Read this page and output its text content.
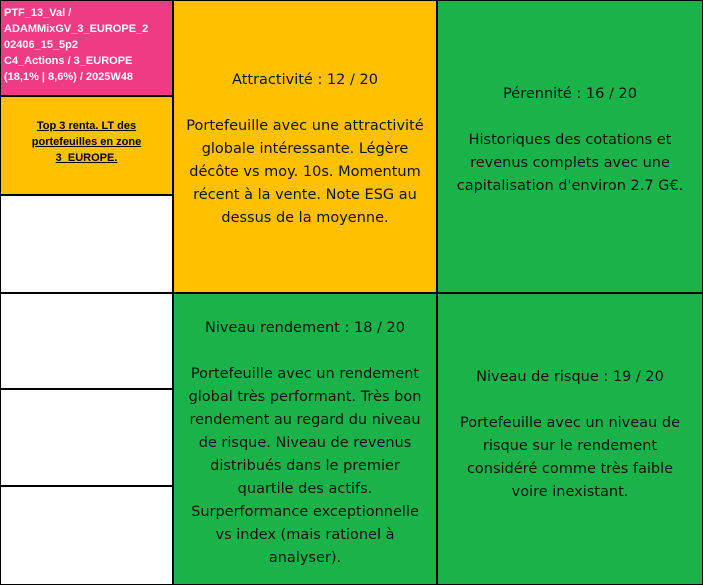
PTF_13_Val /
ADAMMixGV_3_EUROPE_2
02406_15_5p2
C4_Actions / 3_EUROPE
(18,1% | 8,6%) / 2025W48

Top 3 renta. LT des
portefeuilles en zone
3_EUROPE.

Attractivité : 12 / 20

Portefeuille avec une attractivité
globale intéressante. Légère
décôte vs moy. 10s. Momentum
récent à la vente. Note ESG au
dessus de la moyenne.

Pérennité : 16 / 20

Historiques des cotations et
revenus complets avec une
capitalisation d'environ 2.7 G€.

Niveau rendement : 18 / 20

Portefeuille avec un rendement
global très performant. Très bon
rendement au regard du niveau
de risque. Niveau de revenus
distribués dans le premier
quartile des actifs.
Surperformance exceptionnelle
vs index (mais rationel à
analyser).

Niveau de risque : 19 / 20

Portefeuille avec un niveau de
risque sur le rendement
considéré comme très faible
voire inexistant.
